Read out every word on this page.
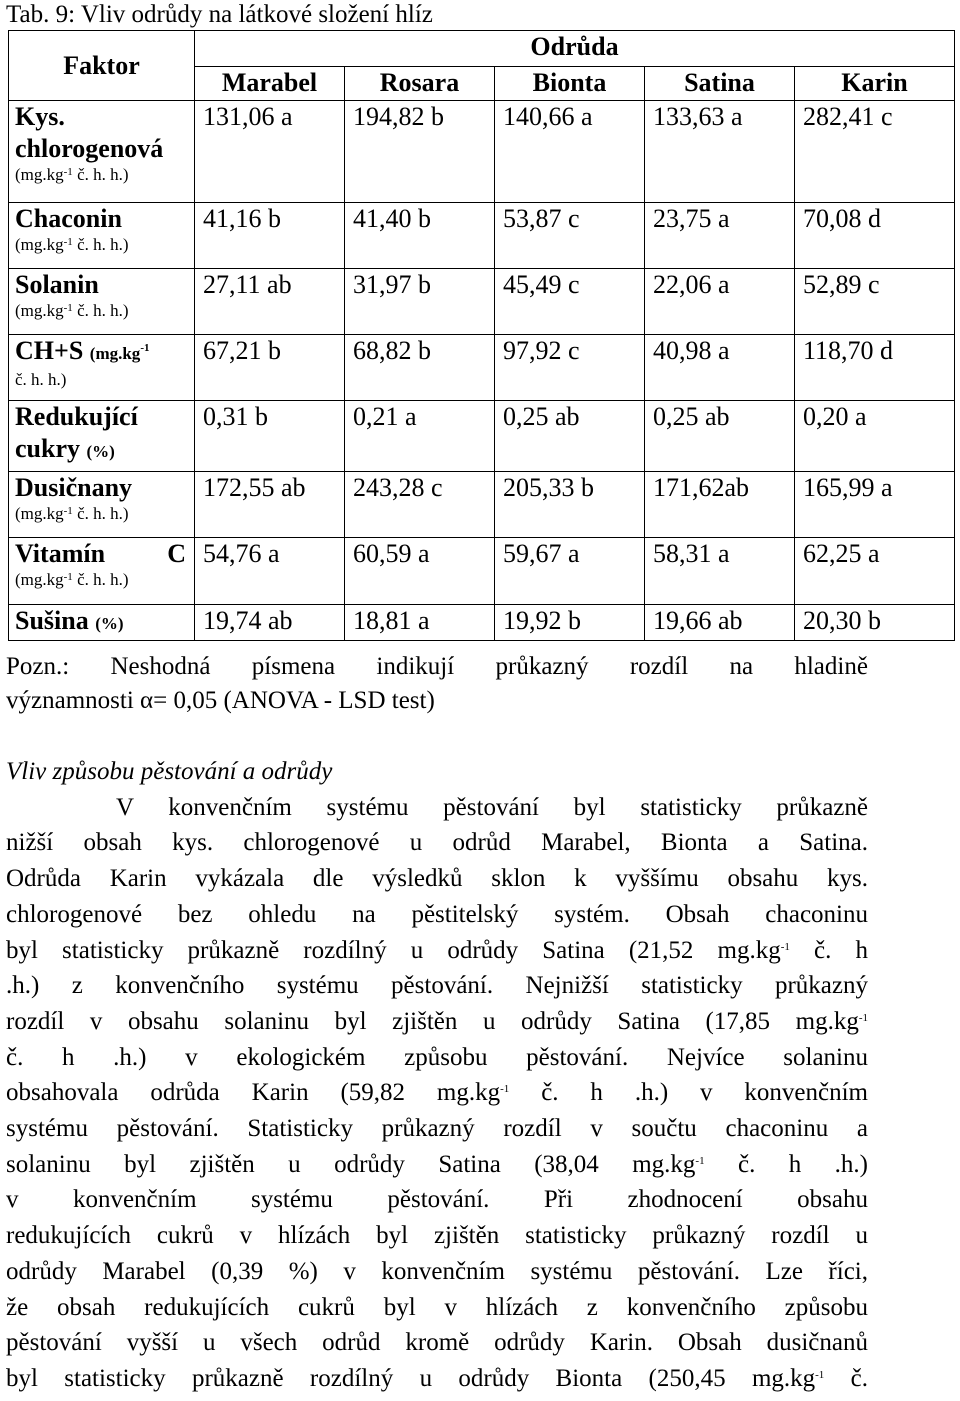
Tab. 9: Vliv odrůdy na látkové složení hlíz
Faktor	Odrůda				
	Marabel	Rosara	Bionta	Satina	Karin

Kys.
chlorogenová
($mg.kg^{-1}$ č. h. h.)	131,06 a	194,82 b	140,66 a	133,63 a	282,41 c

Chaconin
($mg.kg^{-1}$ č. h. h.)	41,16 b	41,40 b	53,87 c	23,75 a	70,08 d

Solanin
($mg.kg^{-1}$ č. h. h.)	27,11 ab	31,97 b	45,49 c	22,06 a	52,89 c

CH+S ($mg.kg^{-1}$
č. h. h.)	67,21 b	68,82 b	97,92 c	40,98 a	118,70 d

Redukující
cukry (%)	0,31 b	0,21 a	0,25 ab	0,25 ab	0,20 a

Dusičnany
($mg.kg^{-1}$ č. h. h.)	172,55 ab	243,28 c	205,33 b	171,62ab	165,99 a

Vitamín C
($mg.kg^{-1}$ č. h. h.)	54,76 a	60,59 a	59,67 a	58,31 a	62,25 a

Sušina (%)	19,74 ab	18,81 a	19,92 b	19,66 ab	20,30 b
Pozn.: Neshodná písmena indikují průkazný rozdíl na hladině
významnosti α= 0,05 (ANOVA - LSD test)
Vliv způsobu pěstování a odrůdy
V konvenčním systému pěstování byl statisticky průkazně
nižší obsah kys. chlorogenové u odrůd Marabel, Bionta a Satina.
Odrůda Karin vykázala dle výsledků sklon k vyššímu obsahu kys.
chlorogenové bez ohledu na pěstitelský systém. Obsah chaconinu
byl statisticky průkazně rozdílný u odrůdy Satina (21,52 $mg.kg^{-1}$ č. h
.h.) z konvenčního systému pěstování. Nejnižší statisticky průkazný
rozdíl v obsahu solaninu byl zjištěn u odrůdy Satina (17,85 $mg.kg^{-1}$
č. h .h.) v ekologickém způsobu pěstování. Nejvíce solaninu
obsahovala odrůda Karin (59,82 $mg.kg^{-1}$ č. h .h.) v konvenčním
systému pěstování. Statisticky průkazný rozdíl v součtu chaconinu a
solaninu byl zjištěn u odrůdy Satina (38,04 $mg.kg^{-1}$ č. h .h.)
v konvenčním systému pěstování. Při zhodnocení obsahu
redukujících cukrů v hlízách byl zjištěn statisticky průkazný rozdíl u
odrůdy Marabel (0,39 %) v konvenčním systému pěstování. Lze říci,
že obsah redukujících cukrů byl v hlízách z konvenčního způsobu
pěstování vyšší u všech odrůd kromě odrůdy Karin. Obsah dusičnanů
byl statisticky průkazně rozdílný u odrůdy Bionta (250,45 $mg.kg^{-1}$ č.
